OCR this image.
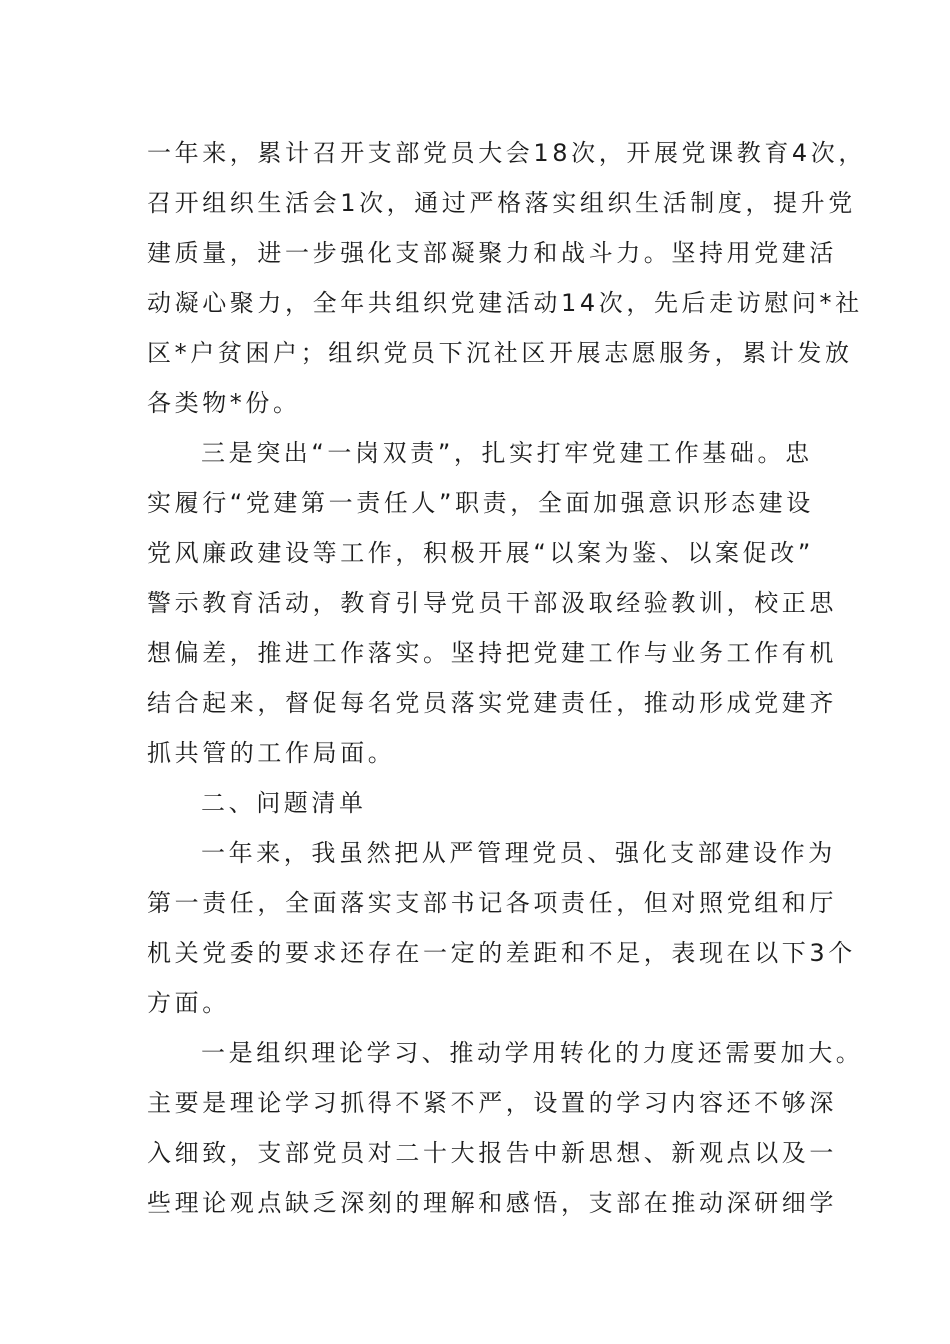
一年来，累计召开支部党员大会18次，开展党课教育4次，
召开组织生活会1次，通过严格落实组织生活制度，提升党
建质量，进一步强化支部凝聚力和战斗力。坚持用党建活
动凝心聚力，全年共组织党建活动14次，先后走访慰问*社
区*户贫困户；组织党员下沉社区开展志愿服务，累计发放
各类物*份。

三是突出“一岗双责”，扎实打牢党建工作基础。忠
实履行“党建第一责任人”职责，全面加强意识形态建设
党风廉政建设等工作，积极开展“以案为鉴、以案促改”
警示教育活动，教育引导党员干部汲取经验教训，校正思
想偏差，推进工作落实。坚持把党建工作与业务工作有机
结合起来，督促每名党员落实党建责任，推动形成党建齐
抓共管的工作局面。

二、问题清单

一年来，我虽然把从严管理党员、强化支部建设作为
第一责任，全面落实支部书记各项责任，但对照党组和厅
机关党委的要求还存在一定的差距和不足，表现在以下3个
方面。

一是组织理论学习、推动学用转化的力度还需要加大。
主要是理论学习抓得不紧不严，设置的学习内容还不够深
入细致，支部党员对二十大报告中新思想、新观点以及一
些理论观点缺乏深刻的理解和感悟，支部在推动深研细学
